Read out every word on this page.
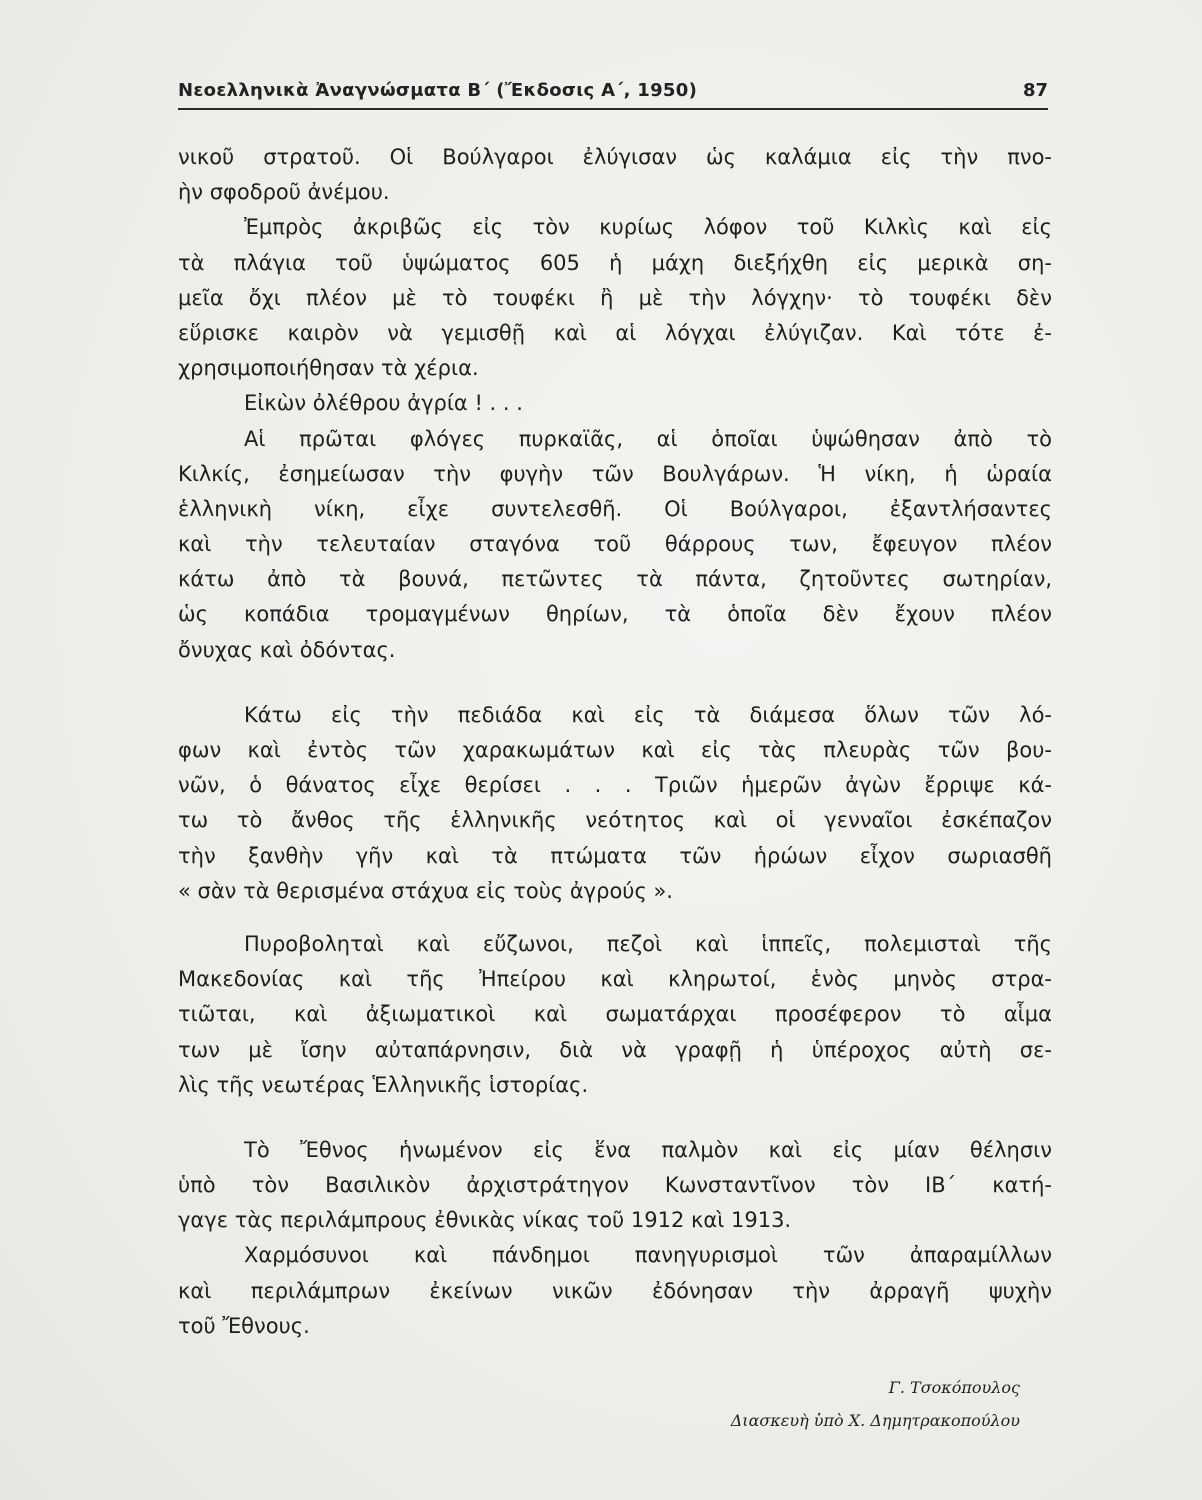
Νεοελληνικὰ Ἀναγνώσματα Β΄ (Ἔκδοσις Α΄, 1950)	87
νικοῦ στρατοῦ. Οἱ Βούλγαροι ἐλύγισαν ὡς καλάμια εἰς τὴν πνο-
ὴν σφοδροῦ ἀνέμου.
Ἐμπρὸς ἀκριβῶς εἰς τὸν κυρίως λόφον τοῦ Κιλκὶς καὶ εἰς
τὰ πλάγια τοῦ ὑψώματος 605 ἡ μάχη διεξήχθη εἰς μερικὰ ση-
μεῖα ὄχι πλέον μὲ τὸ τουφέκι ἢ μὲ τὴν λόγχην· τὸ τουφέκι δὲν
εὕρισκε καιρὸν νὰ γεμισθῇ καὶ αἱ λόγχαι ἐλύγιζαν. Καὶ τότε ἐ-
χρησιμοποιήθησαν τὰ χέρια.
Εἰκὼν ὀλέθρου ἀγρία ! . . .
Αἱ πρῶται φλόγες πυρκαϊᾶς, αἱ ὁποῖαι ὑψώθησαν ἀπὸ τὸ
Κιλκίς, ἐσημείωσαν τὴν φυγὴν τῶν Βουλγάρων. Ἡ νίκη, ἡ ὡραία
ἑλληνικὴ νίκη, εἶχε συντελεσθῆ. Οἱ Βούλγαροι, ἐξαντλήσαντες
καὶ τὴν τελευταίαν σταγόνα τοῦ θάρρους των, ἔφευγον πλέον
κάτω ἀπὸ τὰ βουνά, πετῶντες τὰ πάντα, ζητοῦντες σωτηρίαν,
ὡς κοπάδια τρομαγμένων θηρίων, τὰ ὁποῖα δὲν ἔχουν πλέον
ὄνυχας καὶ ὀδόντας.
Κάτω εἰς τὴν πεδιάδα καὶ εἰς τὰ διάμεσα ὅλων τῶν λό-
φων καὶ ἐντὸς τῶν χαρακωμάτων καὶ εἰς τὰς πλευρὰς τῶν βου-
νῶν, ὁ θάνατος εἶχε θερίσει . . . Τριῶν ἡμερῶν ἀγὼν ἔρριψε κά-
τω τὸ ἄνθος τῆς ἑλληνικῆς νεότητος καὶ οἱ γενναῖοι ἐσκέπαζον
τὴν ξανθὴν γῆν καὶ τὰ πτώματα τῶν ἡρώων εἶχον σωριασθῆ
« σὰν τὰ θερισμένα στάχυα εἰς τοὺς ἀγρούς ».
Πυροβοληταὶ καὶ εὔζωνοι, πεζοὶ καὶ ἱππεῖς, πολεμισταὶ τῆς
Μακεδονίας καὶ τῆς Ἠπείρου καὶ κληρωτοί, ἑνὸς μηνὸς στρα-
τιῶται, καὶ ἀξιωματικοὶ καὶ σωματάρχαι προσέφερον τὸ αἷμα
των μὲ ἴσην αὐταπάρνησιν, διὰ νὰ γραφῇ ἡ ὑπέροχος αὐτὴ σε-
λὶς τῆς νεωτέρας Ἑλληνικῆς ἱστορίας.
Τὸ Ἔθνος ἡνωμένον εἰς ἕνα παλμὸν καὶ εἰς μίαν θέλησιν
ὑπὸ τὸν Βασιλικὸν ἀρχιστράτηγον Κωνσταντῖνον τὸν ΙΒ΄ κατή-
γαγε τὰς περιλάμπρους ἐθνικὰς νίκας τοῦ 1912 καὶ 1913.
Χαρμόσυνοι καὶ πάνδημοι πανηγυρισμοὶ τῶν ἀπαραμίλλων
καὶ περιλάμπρων ἐκείνων νικῶν ἐδόνησαν τὴν ἀρραγῆ ψυχὴν
τοῦ Ἔθνους.
Γ. Τσοκόπουλος
Διασκευὴ ὑπὸ Χ. Δημητρακοπούλου
